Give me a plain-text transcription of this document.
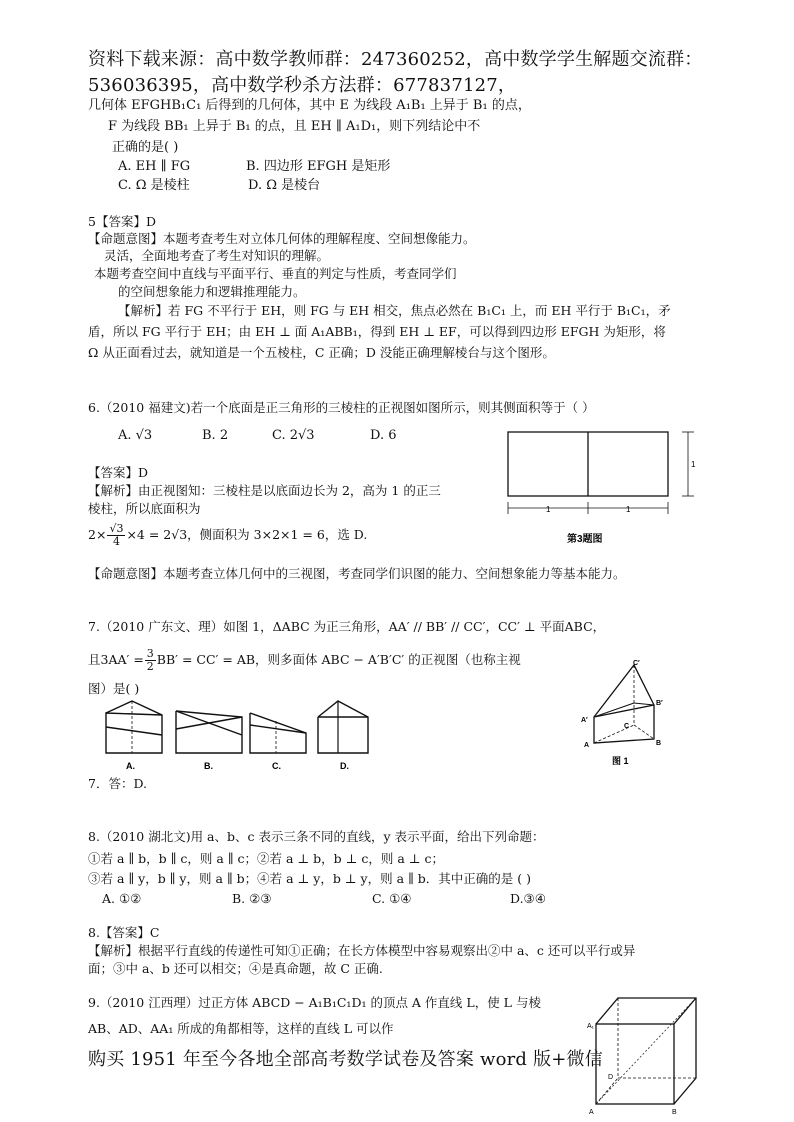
资料下载来源：高中数学教师群：247360252，高中数学学生解题交流群：
536036395，高中数学秒杀方法群：677837127，
几何体 EFGHB₁C₁ 后得到的几何体，其中 E 为线段 A₁B₁ 上异于 B₁ 的点，
F 为线段 BB₁ 上异于 B₁ 的点，且 EH ∥ A₁D₁，则下列结论中不
正确的是( )
A. EH ∥ FG	B. 四边形 EFGH 是矩形
C. Ω 是棱柱	D. Ω 是棱台
5【答案】D
【命题意图】本题考查考生对立体几何体的理解程度、空间想像能力。
灵活，全面地考查了考生对知识的理解。
本题考查空间中直线与平面平行、垂直的判定与性质，考查同学们
的空间想象能力和逻辑推理能力。
【解析】若 FG 不平行于 EH，则 FG 与 EH 相交，焦点必然在 B₁C₁ 上，而 EH 平行于 B₁C₁，矛
盾，所以 FG 平行于 EH；由 EH ⊥ 面 A₁ABB₁，得到 EH ⊥ EF，可以得到四边形 EFGH 为矩形，将
Ω 从正面看过去，就知道是一个五棱柱，C 正确；D 没能正确理解棱台与这个图形。
6.（2010 福建文)若一个底面是正三角形的三棱柱的正视图如图所示，则其侧面积等于（ ）
A. √3	B. 2	C. 2√3	D. 6
【答案】D
【解析】由正视图知：三棱柱是以底面边长为 2，高为 1 的正三
棱柱，所以底面积为
$2\times \frac{√3}{4} \times 4 = 2√3$，侧面积为 3×2×1 = 6，选 D.
【命题意图】本题考查立体几何中的三视图，考查同学们识图的能力、空间想象能力等基本能力。
1	1
1
第3题图
7.（2010 广东文、理）如图 1，ΔABC 为正三角形，AA′ // BB′ // CC′，CC′ ⊥ 平面ABC，
且$3AA' = \frac{3}{2} BB' = CC'$ = AB，则多面体 ABC − A′B′C′ 的正视图（也称主视
图）是( )
A.	B.	C.	D.
C′
B′
A′
C
A	B
图 1
7．答：D.
8.（2010 湖北文)用 a、b、c 表示三条不同的直线，y 表示平面，给出下列命题：
①若 a ∥ b，b ∥ c，则 a ∥ c；②若 a ⊥ b，b ⊥ c，则 a ⊥ c；
③若 a ∥ y，b ∥ y，则 a ∥ b；④若 a ⊥ y，b ⊥ y，则 a ∥ b．其中正确的是 ( )
A. ①②	B. ②③	C. ①④	D.③④
8.【答案】C
【解析】根据平行直线的传递性可知①正确；在长方体模型中容易观察出②中 a、c 还可以平行或异
面；③中 a、b 还可以相交；④是真命题，故 C 正确.
9.（2010 江西理）过正方体 ABCD − A₁B₁C₁D₁ 的顶点 A 作直线 L，使 L 与棱
AB、AD、AA₁ 所成的角都相等，这样的直线 L 可以作	A₁
D
B
A
购买 1951 年至今各地全部高考数学试卷及答案 word 版+微信
